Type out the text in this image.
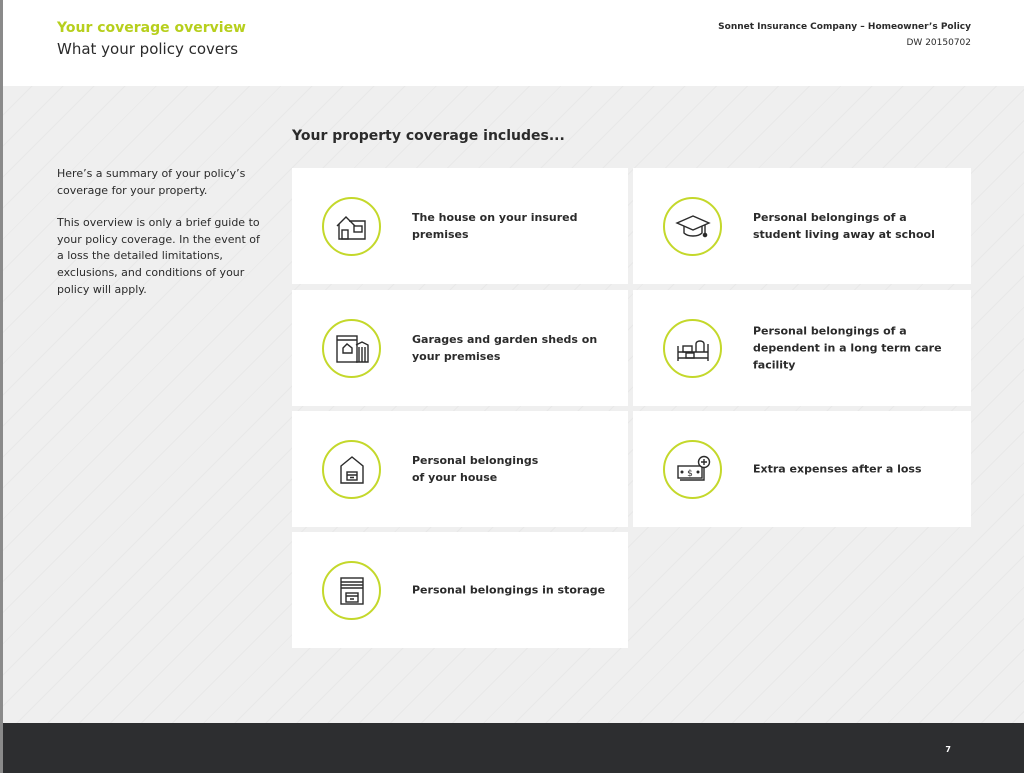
Your coverage overview
What your policy covers
Sonnet Insurance Company – Homeowner’s Policy
DW 20150702
Your property coverage includes...

Here’s a summary of your policy’s coverage for your property.

This overview is only a brief guide to your policy coverage. In the event of a loss the detailed limitations, exclusions, and conditions of your policy will apply.

The house on your insured premises
Personal belongings of a student living away at school
Garages and garden sheds on your premises
Personal belongings of a dependent in a long term care facility
Personal belongings of your house	$	Extra expenses after a loss
Personal belongings in storage
7
